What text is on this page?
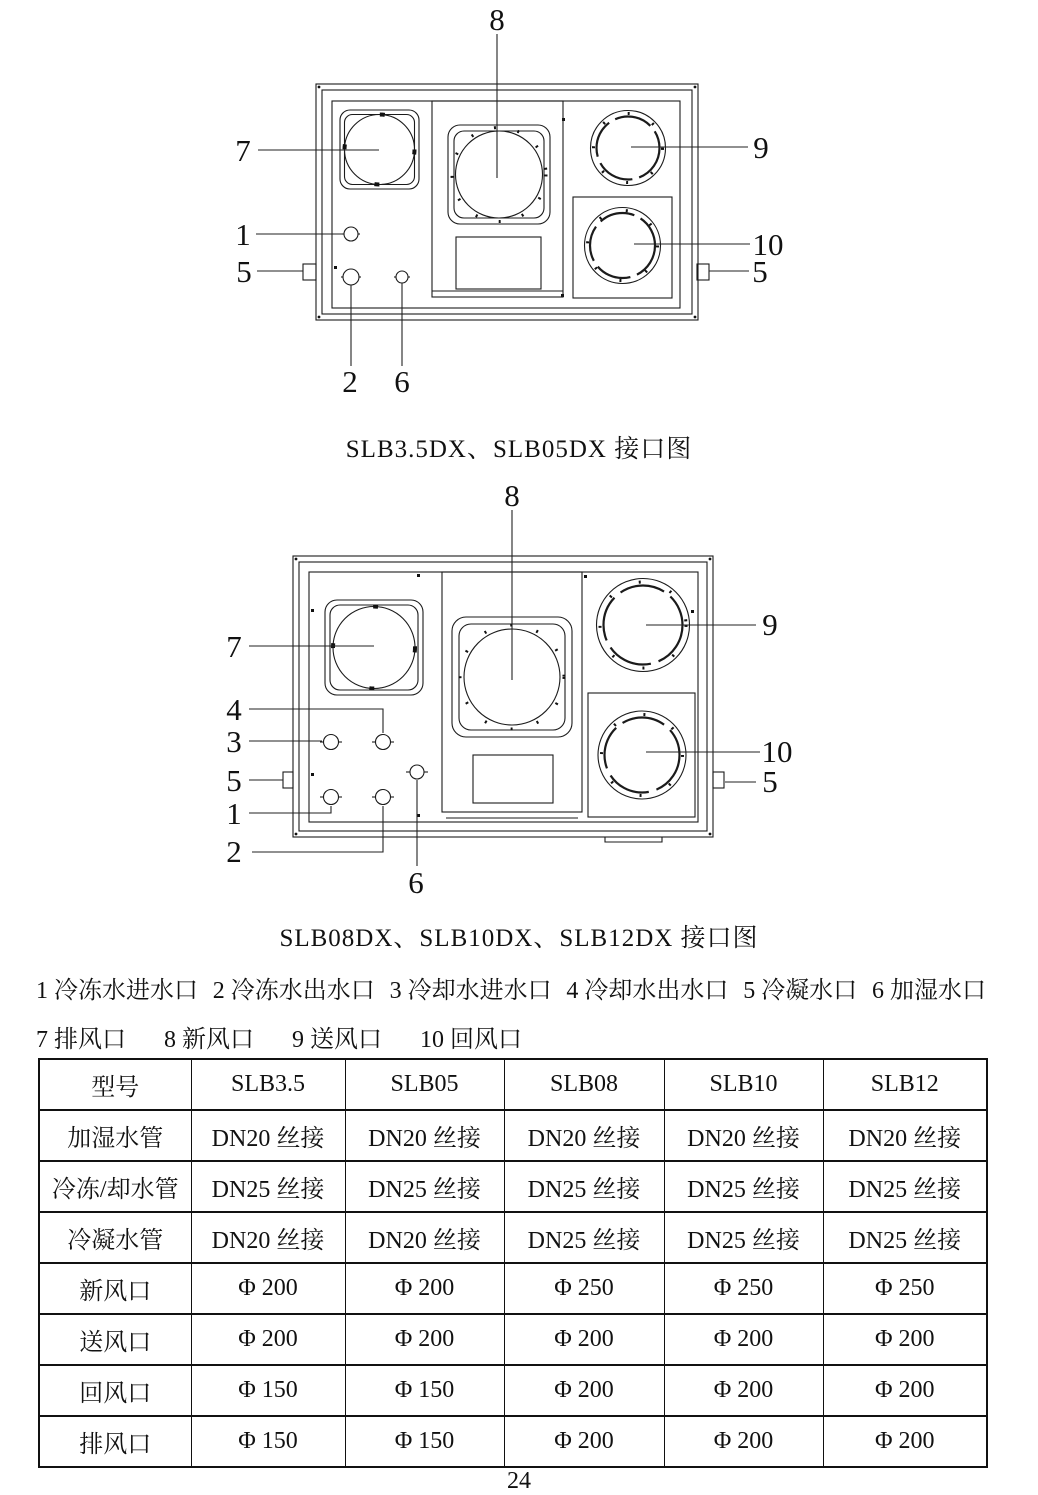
8
7
1
5
2 6
9
10
5
SLB3.5DX、SLB05DX 接口图
8
7
4
3
5
1
2
6
9
10
5
SLB08DX、SLB10DX、SLB12DX 接口图
1 冷冻水进水口 2 冷冻水出水口 3 冷却水进水口 4 冷却水出水口 5 冷凝水口 6 加湿水口
7 排风口 8 新风口 9 送风口 10 回风口
型号	SLB3.5	SLB05	SLB08	SLB10	SLB12
加湿水管	DN20 丝接	DN20 丝接	DN20 丝接	DN20 丝接	DN20 丝接
冷冻/却水管	DN25 丝接	DN25 丝接	DN25 丝接	DN25 丝接	DN25 丝接
冷凝水管	DN20 丝接	DN20 丝接	DN25 丝接	DN25 丝接	DN25 丝接
新风口	Φ 200	Φ 200	Φ 250	Φ 250	Φ 250
送风口	Φ 200	Φ 200	Φ 200	Φ 200	Φ 200
回风口	Φ 150	Φ 150	Φ 200	Φ 200	Φ 200
排风口	Φ 150	Φ 150	Φ 200	Φ 200	Φ 200
24
